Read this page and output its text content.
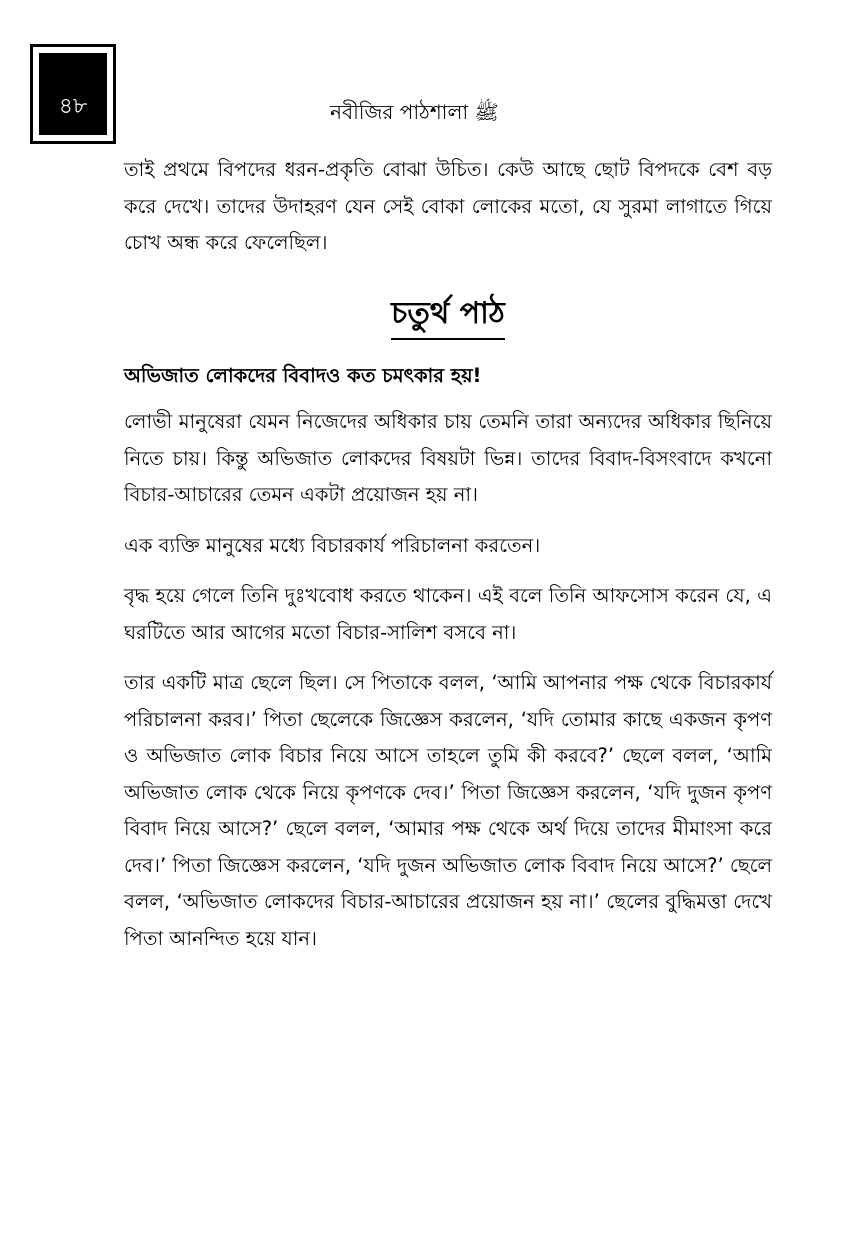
৪৮	নবীজির পাঠশালা ﷺ

তাই প্রথমে বিপদের ধরন-প্রকৃতি বোঝা উচিত। কেউ আছে ছোট বিপদকে বেশ বড় করে দেখে। তাদের উদাহরণ যেন সেই বোকা লোকের মতো, যে সুরমা লাগাতে গিয়ে চোখ অন্ধ করে ফেলেছিল।

চতুর্থ পাঠ

অভিজাত লোকদের বিবাদও কত চমৎকার হয়!

লোভী মানুষেরা যেমন নিজেদের অধিকার চায় তেমনি তারা অন্যদের অধিকার ছিনিয়ে নিতে চায়। কিন্তু অভিজাত লোকদের বিষয়টা ভিন্ন। তাদের বিবাদ-বিসংবাদে কখনো বিচার-আচারের তেমন একটা প্রয়োজন হয় না।

এক ব্যক্তি মানুষের মধ্যে বিচারকার্য পরিচালনা করতেন।

বৃদ্ধ হয়ে গেলে তিনি দুঃখবোধ করতে থাকেন। এই বলে তিনি আফসোস করেন যে, এ ঘরটিতে আর আগের মতো বিচার-সালিশ বসবে না।

তার একটি মাত্র ছেলে ছিল। সে পিতাকে বলল, ‘আমি আপনার পক্ষ থেকে বিচারকার্য পরিচালনা করব।’ পিতা ছেলেকে জিজ্ঞেস করলেন, ‘যদি তোমার কাছে একজন কৃপণ ও অভিজাত লোক বিচার নিয়ে আসে তাহলে তুমি কী করবে?’ ছেলে বলল, ‘আমি অভিজাত লোক থেকে নিয়ে কৃপণকে দেব।’ পিতা জিজ্ঞেস করলেন, ‘যদি দুজন কৃপণ বিবাদ নিয়ে আসে?’ ছেলে বলল, ‘আমার পক্ষ থেকে অর্থ দিয়ে তাদের মীমাংসা করে দেব।’ পিতা জিজ্ঞেস করলেন, ‘যদি দুজন অভিজাত লোক বিবাদ নিয়ে আসে?’ ছেলে বলল, ‘অভিজাত লোকদের বিচার-আচারের প্রয়োজন হয় না।’ ছেলের বুদ্ধিমত্তা দেখে পিতা আনন্দিত হয়ে যান।
